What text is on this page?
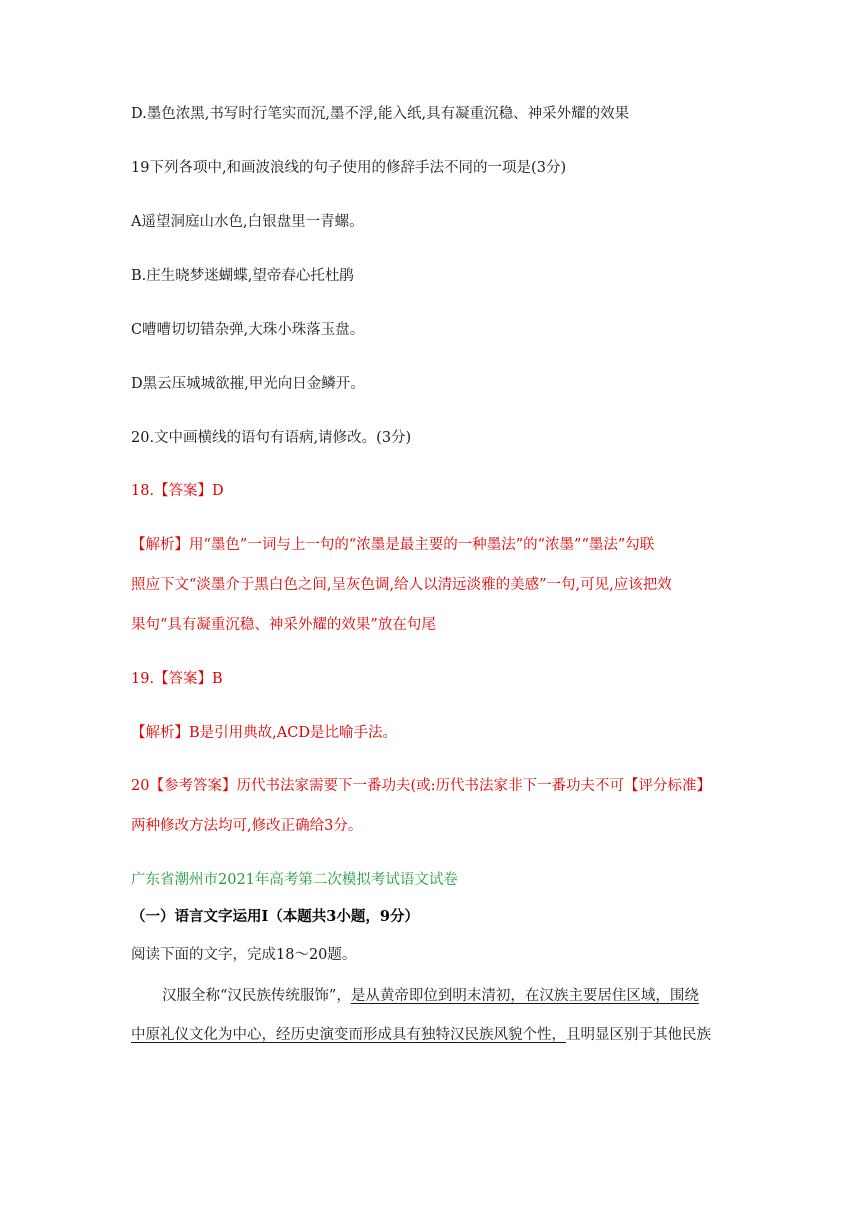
D.墨色浓黑,书写时行笔实而沉,墨不浮,能入纸,具有凝重沉稳、神采外耀的效果
19下列各项中,和画波浪线的句子使用的修辞手法不同的一项是(3分)
A遥望洞庭山水色,白银盘里一青螺。
B.庄生晓梦迷蝴蝶,望帝春心托杜鹃
C嘈嘈切切错杂弹,大珠小珠落玉盘。
D黑云压城城欲摧,甲光向日金鳞开。
20.文中画横线的语句有语病,请修改。(3分)
18.【答案】D
【解析】用“墨色”一词与上一句的“浓墨是最主要的一种墨法”的“浓墨”“墨法”勾联
照应下文“淡墨介于黑白色之间,呈灰色调,给人以清远淡雅的美感”一句,可见,应该把效
果句“具有凝重沉稳、神采外耀的效果”放在句尾
19.【答案】B
【解析】B是引用典故,ACD是比喻手法。
20【参考答案】历代书法家需要下一番功夫(或:历代书法家非下一番功夫不可【评分标准】
两种修改方法均可,修改正确给3分。
广东省潮州市2021年高考第二次模拟考试语文试卷
（一）语言文字运用Ⅰ（本题共3小题，9分）
阅读下面的文字，完成18～20题。
汉服全称“汉民族传统服饰”，是从黄帝即位到明末清初，在汉族主要居住区域，围绕
中原礼仪文化为中心，经历史演变而形成具有独特汉民族风貌个性，且明显区别于其他民族
